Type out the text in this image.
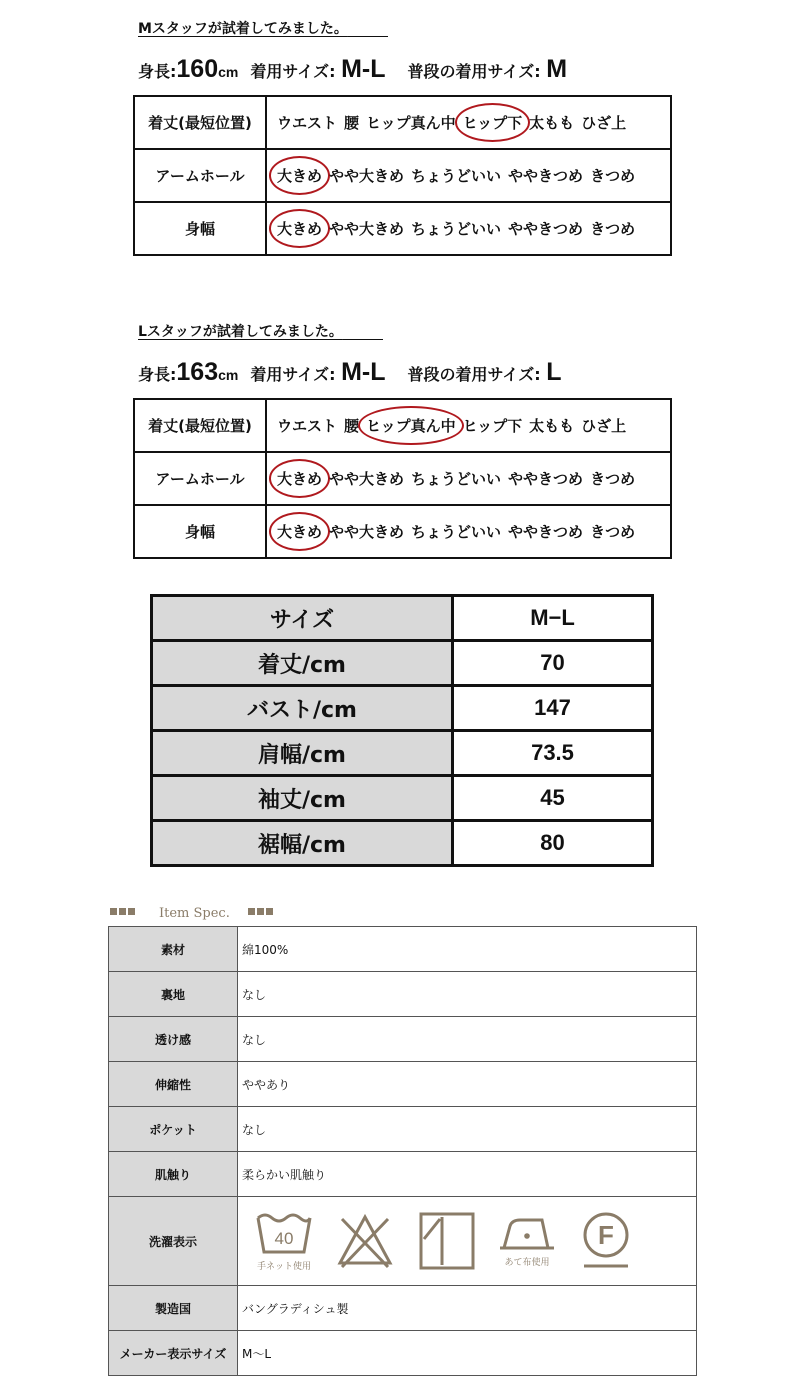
Mスタッフが試着してみました。
身長:160cm 着用サイズ: M-L 普段の着用サイズ: M
着丈(最短位置)	ウエスト 腰 ヒップ真ん中 ヒップ下 太もも ひざ上
アームホール	大きめ やや大きめ ちょうどいい ややきつめ きつめ
身幅	大きめ やや大きめ ちょうどいい ややきつめ きつめ
Lスタッフが試着してみました。
身長:163cm 着用サイズ: M-L 普段の着用サイズ: L
着丈(最短位置)	ウエスト 腰 ヒップ真ん中 ヒップ下 太もも ひざ上
アームホール	大きめ やや大きめ ちょうどいい ややきつめ きつめ
身幅	大きめ やや大きめ ちょうどいい ややきつめ きつめ
サイズ	M−L
着丈/cm	70
バスト/cm	147
肩幅/cm	73.5
袖丈/cm	45
裾幅/cm	80
Item Spec.
素材	綿100%
裏地	なし
透け感	なし
伸縮性	ややあり
ポケット	なし
肌触り	柔らかい肌触り
洗濯表示	40
手ネット使用 あて布使用
F

製造国	バングラディシュ製
メーカー表示サイズ	M〜L
